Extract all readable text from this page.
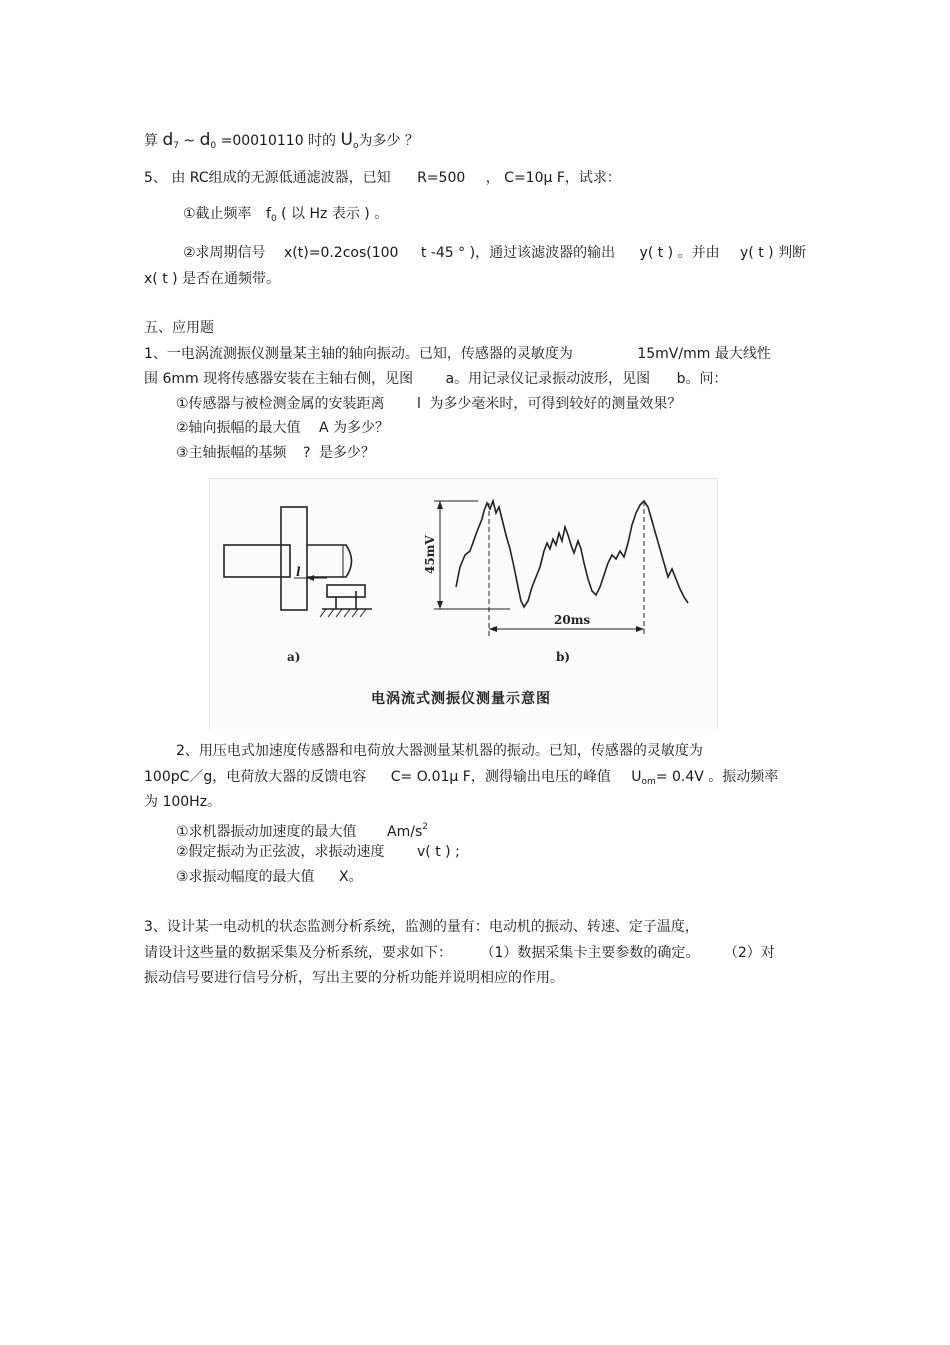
算 $d_7$ ~ $d_0 =00010110$ 时的 $U_o$为多少 ？
5、 由 RC组成的无源低通滤波器，已知 R=500 ， C=10μ F，试求：
①截止频率 $f_0$ ( 以 Hz 表示 ) 。
②求周期信号 x(t)=0.2cos(100 t -45 ° )，通过该滤波器的输出 y( t ) 。并由 y( t ) 判断
x( t ) 是否在通频带。
五、应用题
1、一电涡流测振仪测量某主轴的轴向振动。已知，传感器的灵敏度为	15mV/mm 最大线性
围 6mm 现将传感器安装在主轴右侧，见图 a。用记录仪记录振动波形，见图 b。问：
①传感器与被检测金属的安装距离 l 为多少毫米时，可得到较好的测量效果？
②轴向振幅的最大值 A 为多少？
③主轴振幅的基频 ? 是多少？
l	45mV
20ms
a)	b)
电涡流式测振仪测量示意图
2、用压电式加速度传感器和电荷放大器测量某机器的振动。已知，传感器的灵敏度为
100pC／g，电荷放大器的反馈电容 C= O.01μ F，测得输出电压的峰值 $U_{om}= 0.4V$ 。振动频率
为 100Hz。
①求机器振动加速度的最大值 $Am/s^2$
②假定振动为正弦波，求振动速度 v( t ) ;
③求振动幅度的最大值 X。
3、设计某一电动机的状态监测分析系统，监测的量有：电动机的振动、转速、定子温度，
请设计这些量的数据采集及分析系统，要求如下： （1）数据采集卡主要参数的确定。 （2）对
振动信号要进行信号分析，写出主要的分析功能并说明相应的作用。
